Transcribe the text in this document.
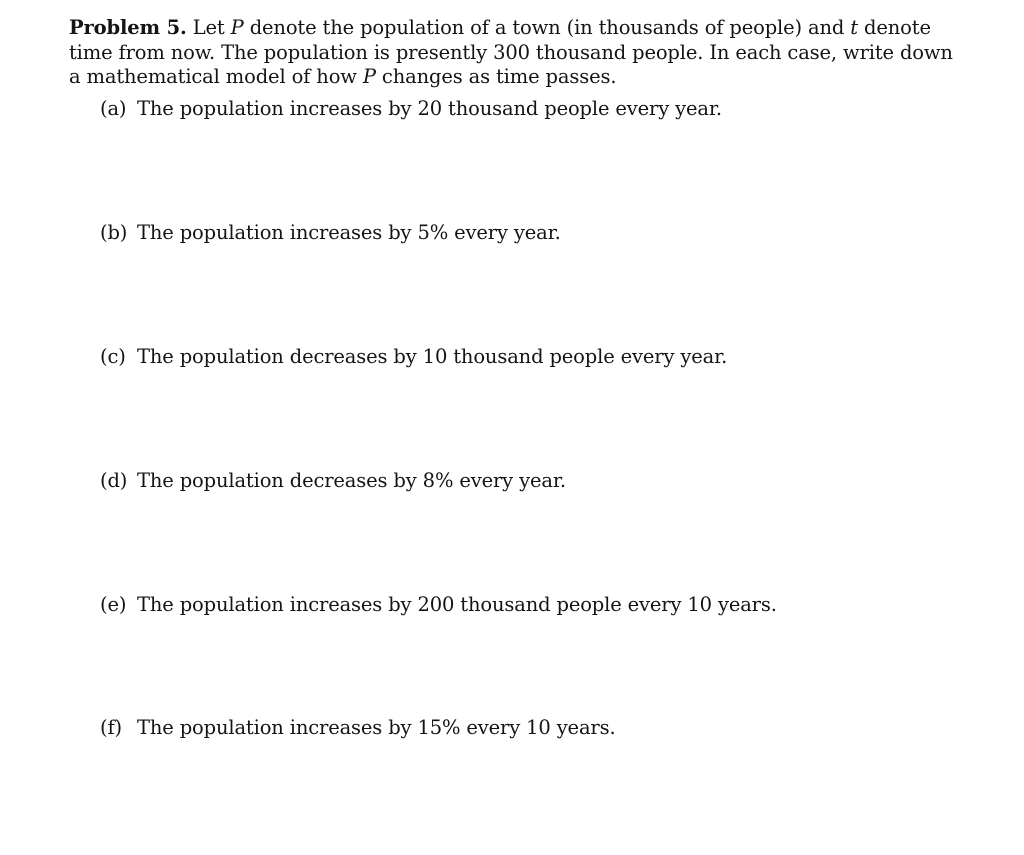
Problem 5. Let P denote the population of a town (in thousands of people) and t denote
time from now. The population is presently 300 thousand people. In each case, write down
a mathematical model of how P changes as time passes.
(a) The population increases by 20 thousand people every year.
(b) The population increases by 5% every year.
(c) The population decreases by 10 thousand people every year.
(d) The population decreases by 8% every year.
(e) The population increases by 200 thousand people every 10 years.
(f) The population increases by 15% every 10 years.
